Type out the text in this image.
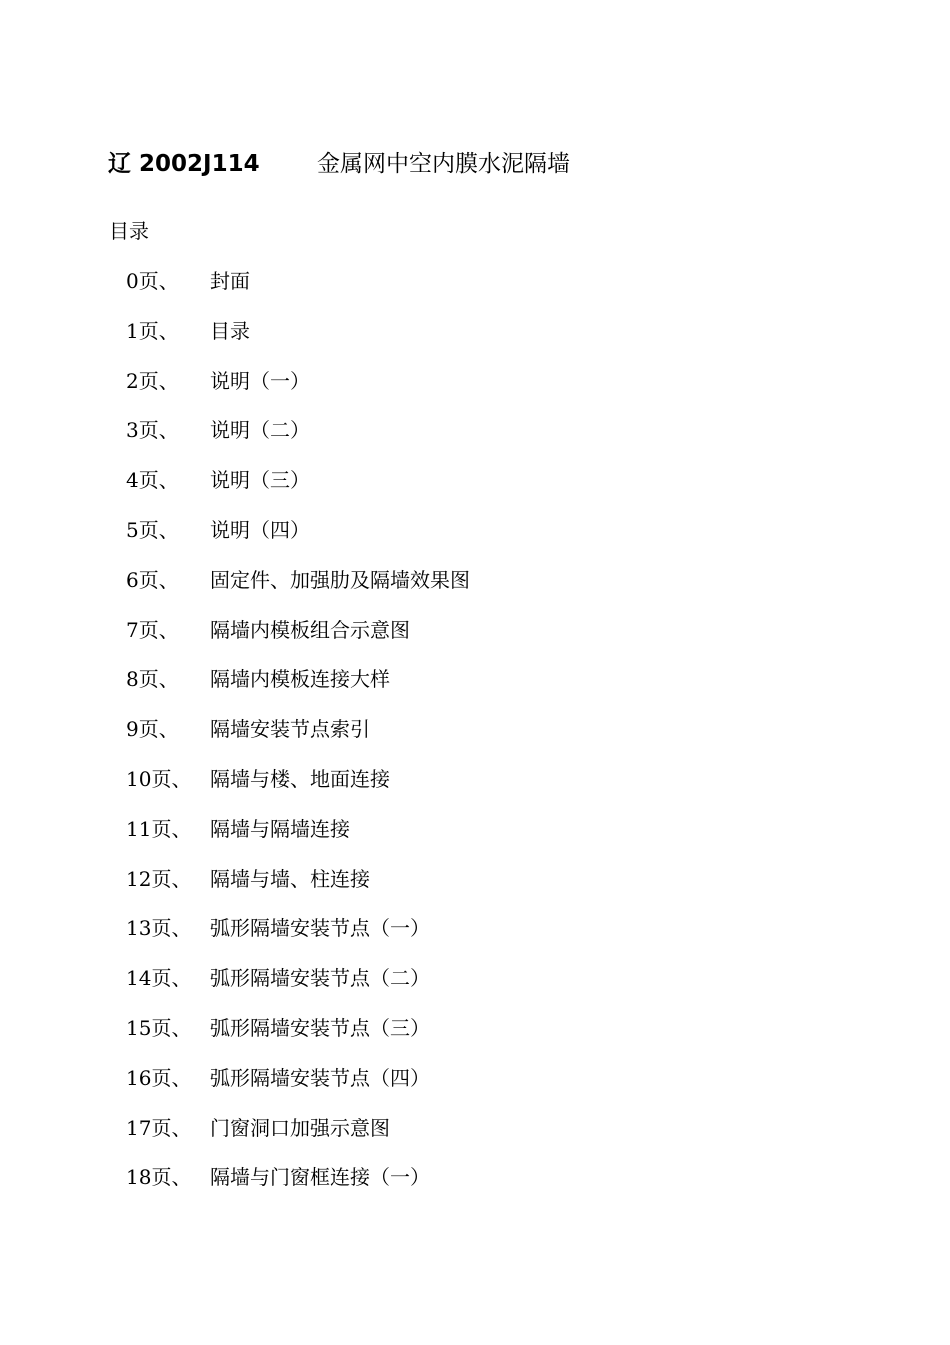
辽 2002J114 金属网中空内膜水泥隔墙
目录
0页、	封面
1页、	目录
2页、	说明（一）
3页、	说明（二）
4页、	说明（三）
5页、	说明（四）
6页、	固定件、加强肋及隔墙效果图
7页、	隔墙内模板组合示意图
8页、	隔墙内模板连接大样
9页、	隔墙安装节点索引
10页、 隔墙与楼、地面连接
11页、 隔墙与隔墙连接
12页、 隔墙与墙、柱连接
13页、 弧形隔墙安装节点（一）
14页、 弧形隔墙安装节点（二）
15页、 弧形隔墙安装节点（三）
16页、 弧形隔墙安装节点（四）
17页、 门窗洞口加强示意图
18页、 隔墙与门窗框连接（一）
